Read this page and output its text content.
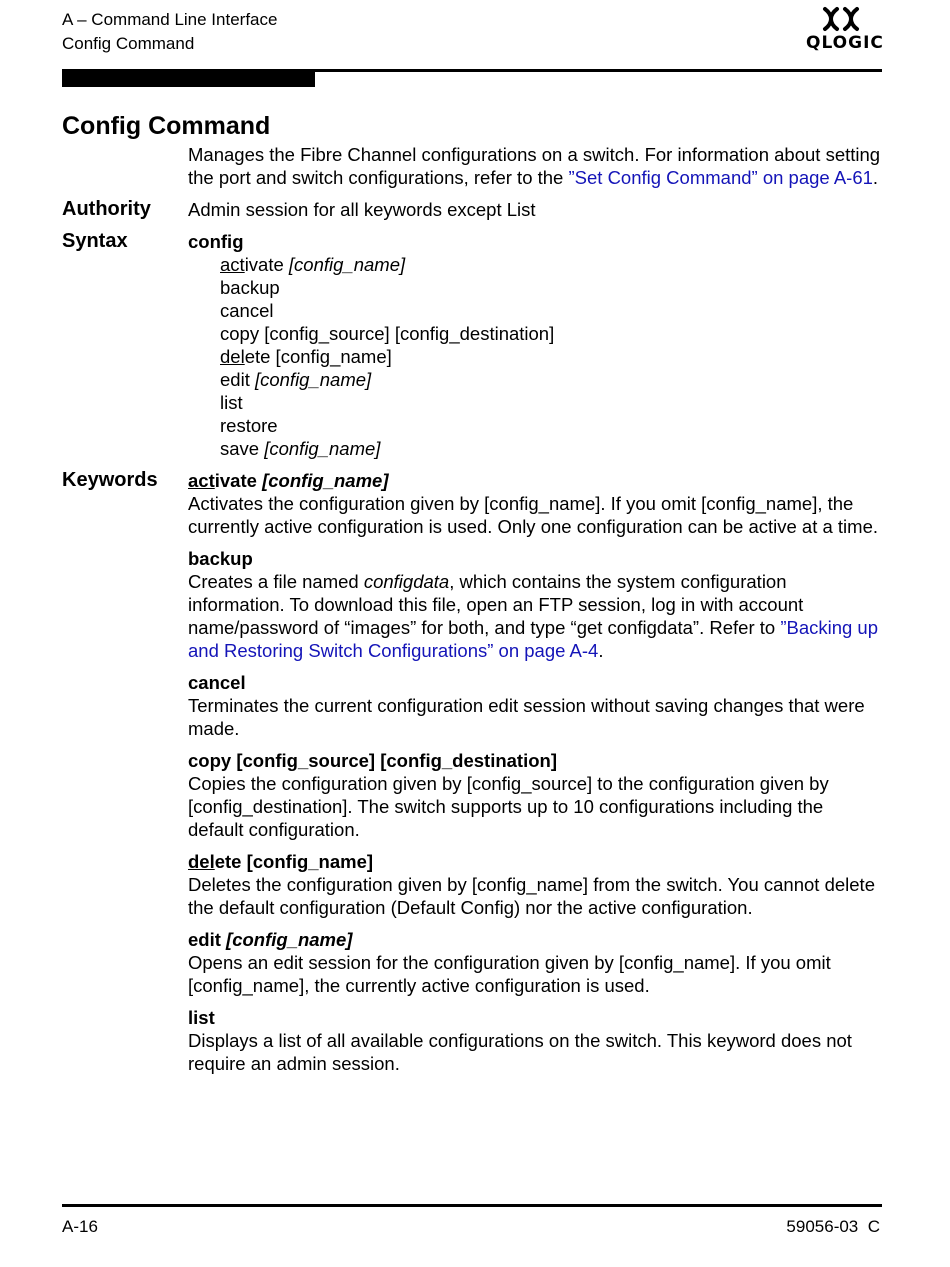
A – Command Line Interface
Config Command	QLOGIC
Config Command
Manages the Fibre Channel configurations on a switch. For information about setting the port and switch configurations, refer to the ”Set Config Command” on page A-61.
Authority	Admin session for all keywords except List
Syntax	config
activate [config_name]
backup
cancel
copy [config_source] [config_destination]
delete [config_name]
edit [config_name]
list
restore
save [config_name]
Keywords	activate [config_name]
Activates the configuration given by [config_name]. If you omit [config_name], the currently active configuration is used. Only one configuration can be active at a time.
backup
Creates a file named configdata, which contains the system configuration information. To download this file, open an FTP session, log in with account name/password of “images” for both, and type “get configdata”. Refer to ”Backing up and Restoring Switch Configurations” on page A-4.
cancel
Terminates the current configuration edit session without saving changes that were made.
copy [config_source] [config_destination]
Copies the configuration given by [config_source] to the configuration given by [config_destination]. The switch supports up to 10 configurations including the default configuration.
delete [config_name]
Deletes the configuration given by [config_name] from the switch. You cannot delete the default configuration (Default Config) nor the active configuration.
edit [config_name]
Opens an edit session for the configuration given by [config_name]. If you omit [config_name], the currently active configuration is used.
list
Displays a list of all available configurations on the switch. This keyword does not require an admin session.
A-16	59056-03  C
